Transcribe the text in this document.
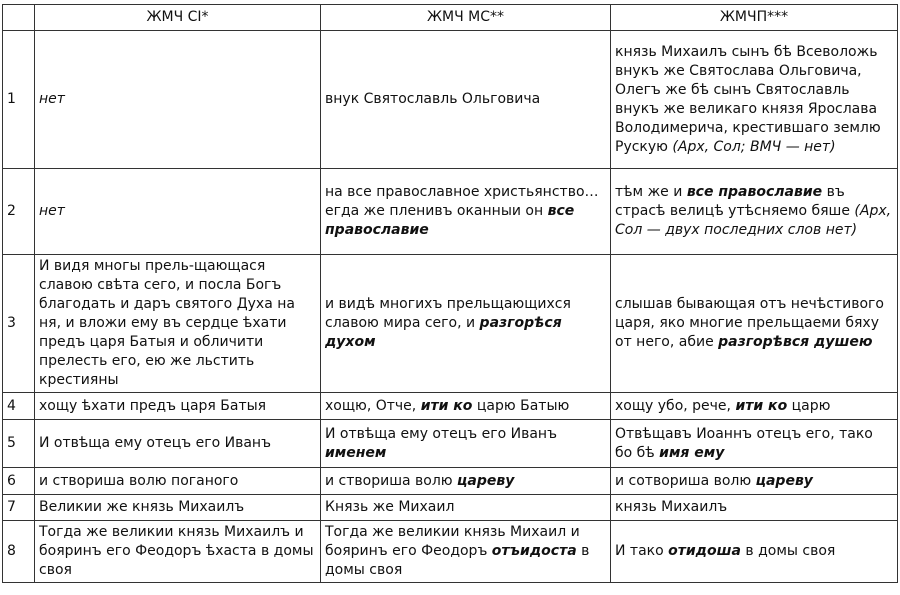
	ЖМЧ CI*	ЖМЧ МС**	ЖМЧП***
1	нет	внук Святославль Ольговича	князь Михаилъ сынъ бѣ Всеволожь внукъ же Святослава Ольговича, Олегъ же бѣ сынъ Святославль внукъ же великаго князя Ярослава Володимерича, крестившаго землю Рускую (Арх, Сол; ВМЧ — нет)
2	нет	на все православное христьянство… егда же пленивъ оканныи он все православие	тѣм же и все православие въ страсѣ велицѣ утѣсняемо бяше (Арх, Сол — двух последних слов нет)
3	И видя многы прель-щающася славою свѣта сего, и посла Богъ благодать и даръ святого Духа на ня, и вложи ему въ сердце ѣхати предъ царя Батыя и обличити прелесть его, ею же льстить крестияны	и видѣ многихъ прельщающихся славою мира сего, и разгорѣся духом	слышав бывающая отъ нечѣстивого царя, яко многие прельщаеми бяху от него, абие разгорѣвся душею
4	хощу ѣхати предъ царя Батыя	хощю, Отче, ити ко царю Батыю	хощу убо, рече, ити ко царю
5	И отвѣща ему отецъ его Иванъ	И отвѣща ему отецъ его Иванъ именем	Отвѣщавъ Иоаннъ отецъ его, тако бо бѣ имя ему
6	и створиша волю поганого	и створиша волю цареву	и сотвориша волю цареву
7	Великии же князь Михаилъ	Князь же Михаил	князь Михаилъ
8	Тогда же великии князь Михаилъ и бояринъ его Феодоръ ѣхаста в домы своя	Тогда же великии князь Михаил и бояринъ его Феодоръ отъидоста в домы своя	И тако отидоша в домы своя
